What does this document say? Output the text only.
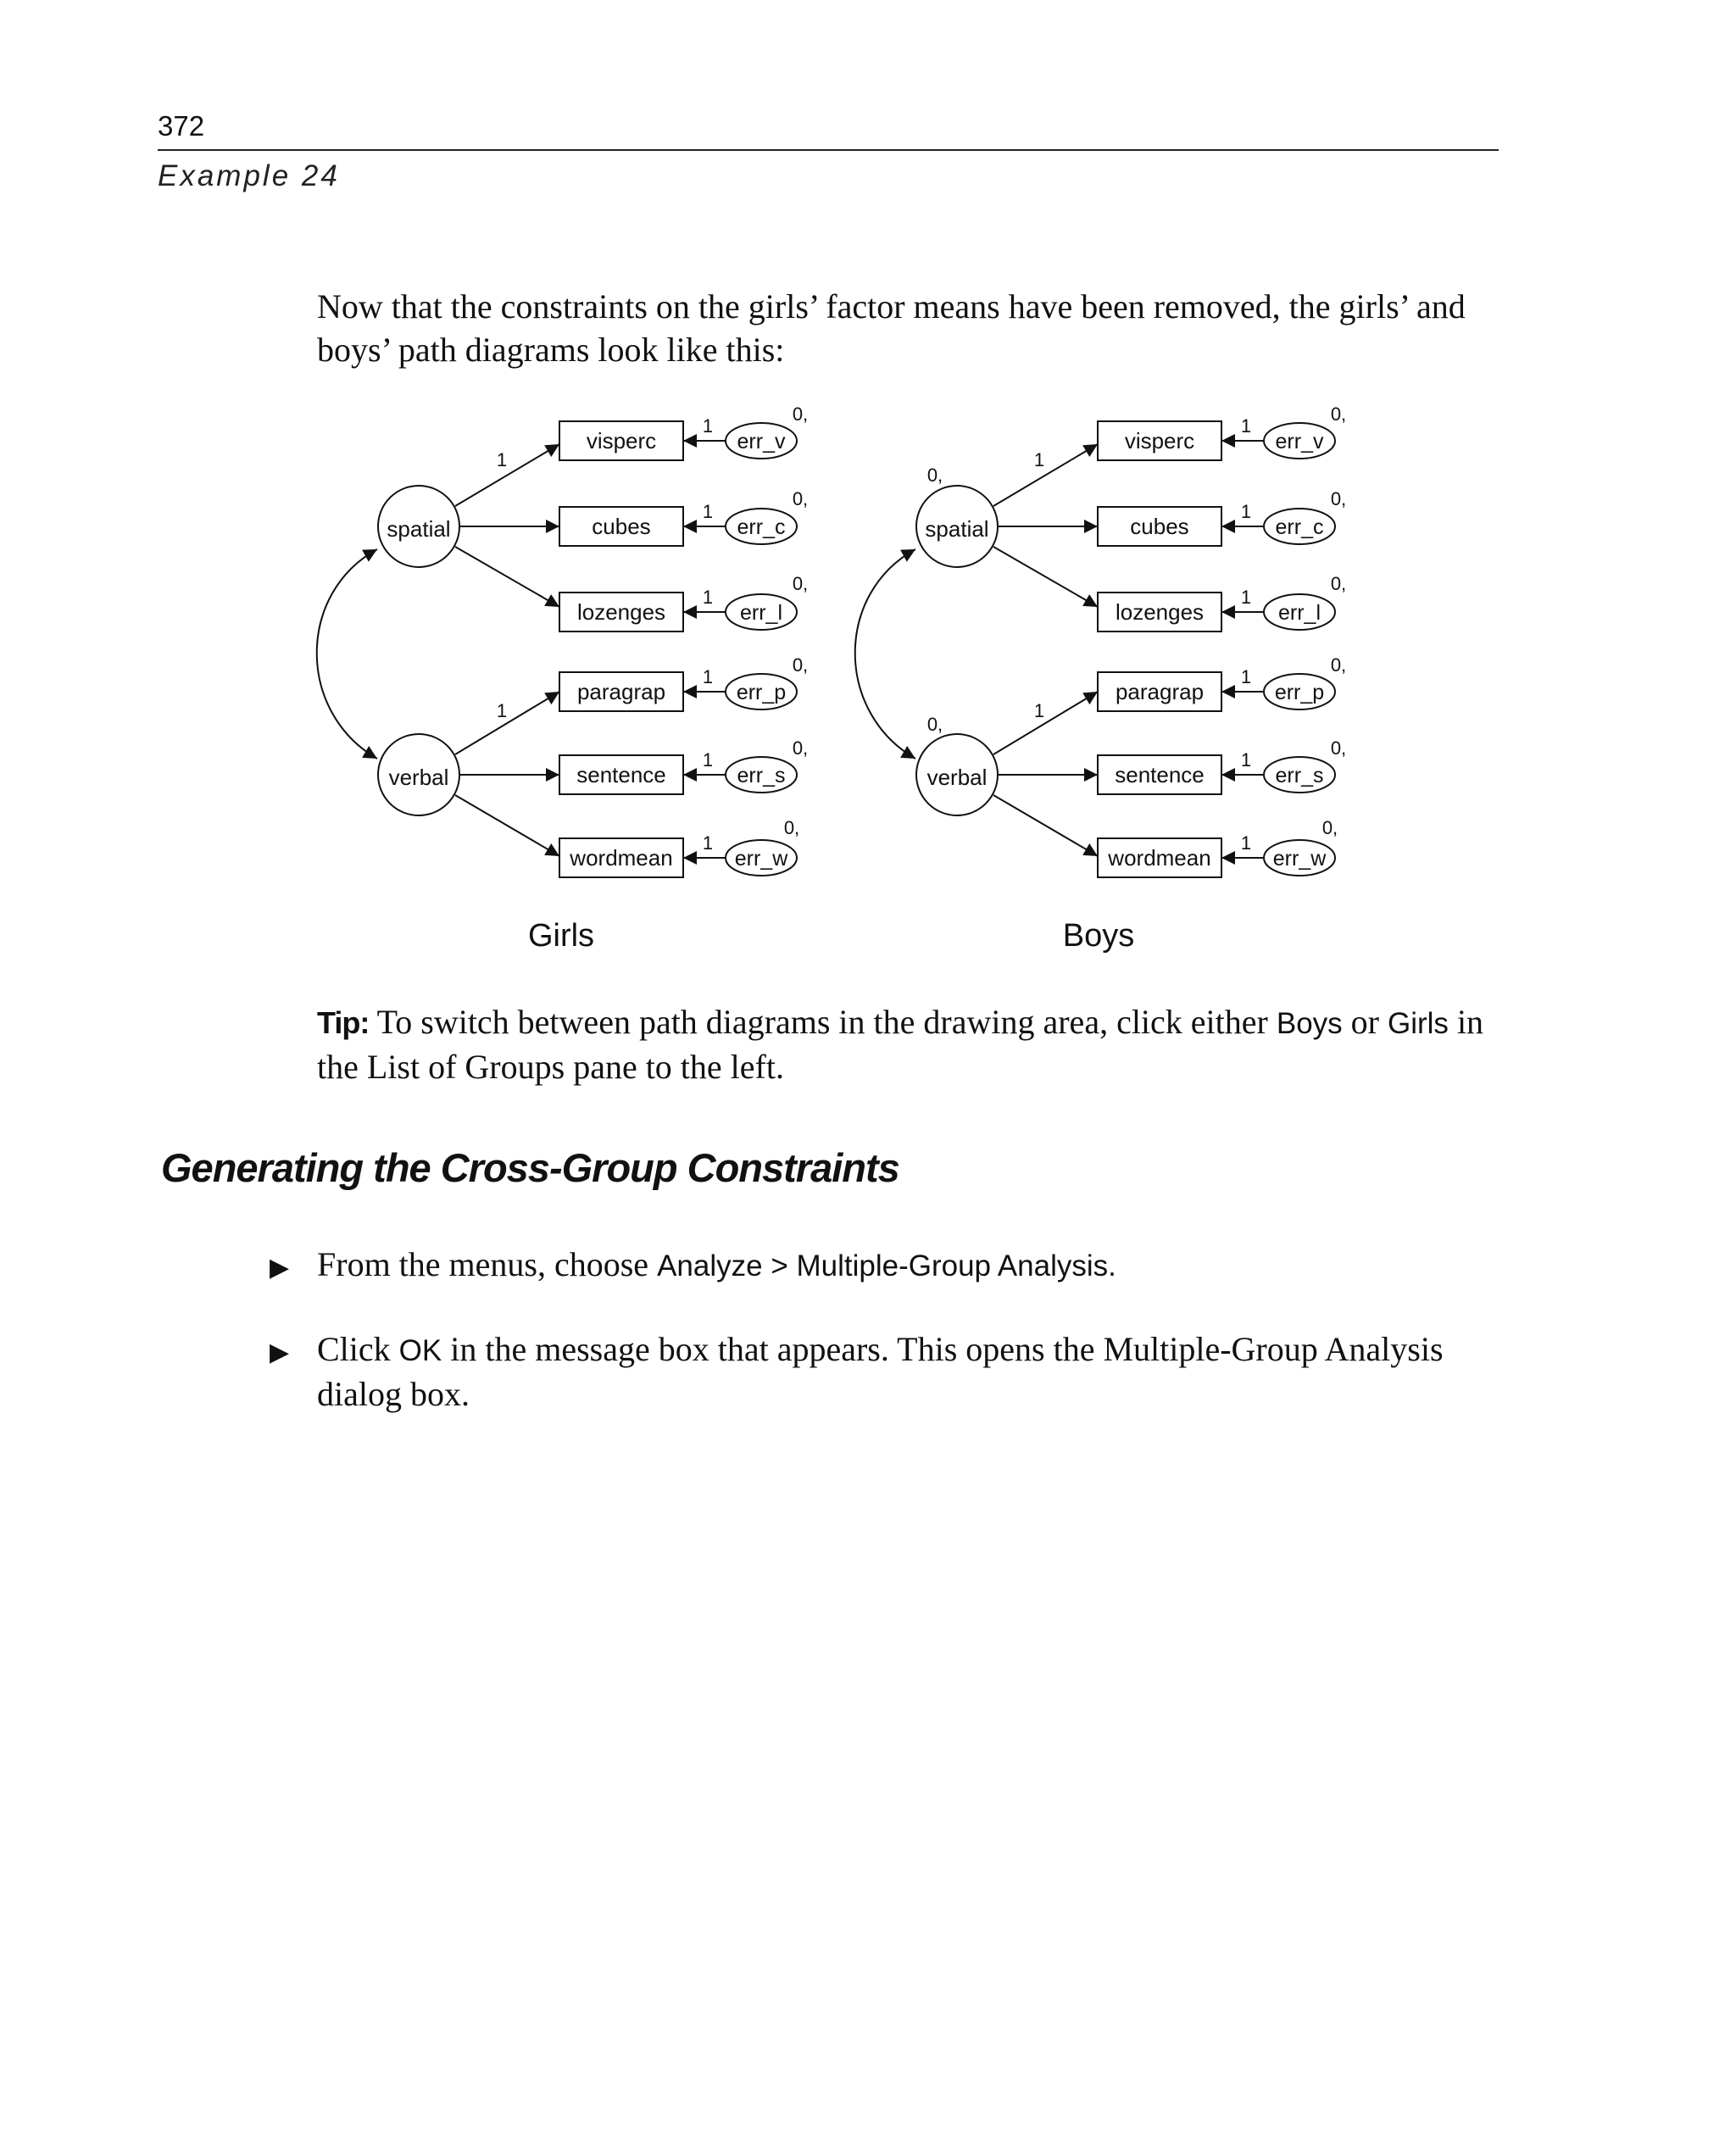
372
Example 24
Now that the constraints on the girls’ factor means have been removed, the girls’ and
boys’ path diagrams look like this:
spatial
verbal
1
1
visperc
cubes
lozenges
paragrap
sentence
wordmean
1
1
1
1
1
1
err_v
err_c
err_l
err_p
err_s
err_w
0,
0,
0,
0,
0,
0,
Girls
0,
0,
spatial
verbal
1
1
visperc
cubes
lozenges
paragrap
sentence
wordmean
1
1
1
1
1
1
err_v
err_c
err_l
err_p
err_s
err_w
0,
0,
0,
0,
0,
0,
Boys
Tip: To switch between path diagrams in the drawing area, click either Boys or Girls in
the List of Groups pane to the left.
Generating the Cross-Group Constraints
▶ From the menus, choose Analyze > Multiple-Group Analysis.
▶ Click OK in the message box that appears. This opens the Multiple-Group Analysis
dialog box.
